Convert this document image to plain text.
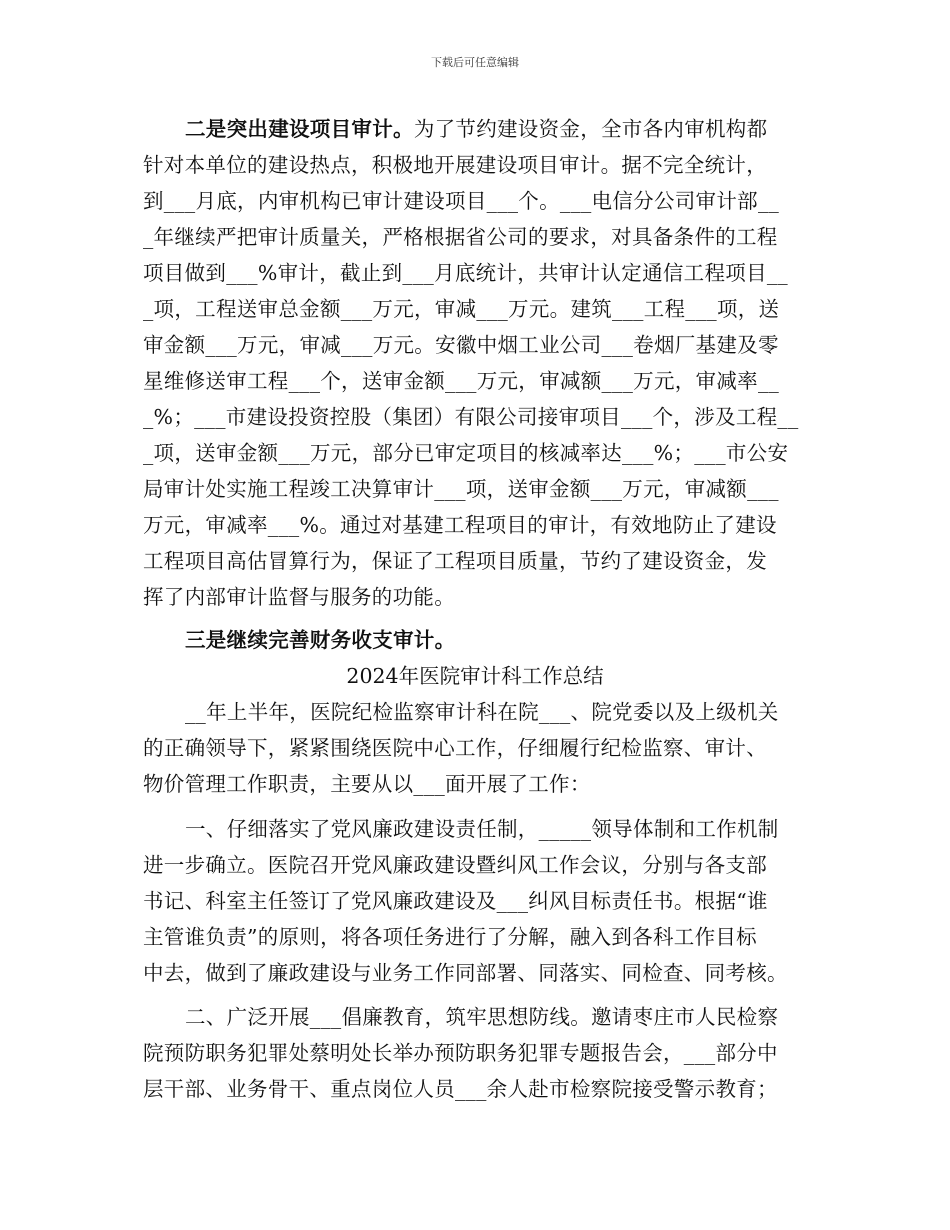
下载后可任意编辑
二是突出建设项目审计。为了节约建设资金，全市各内审机构都
针对本单位的建设热点，积极地开展建设项目审计。据不完全统计，
到___月底，内审机构已审计建设项目___个。___电信分公司审计部__
_年继续严把审计质量关，严格根据省公司的要求，对具备条件的工程
项目做到___%审计，截止到___月底统计，共审计认定通信工程项目__
_项，工程送审总金额___万元，审减___万元。建筑___工程___项，送
审金额___万元，审减___万元。安徽中烟工业公司___卷烟厂基建及零
星维修送审工程___个，送审金额___万元，审减额___万元，审减率__
_%；___市建设投资控股（集团）有限公司接审项目___个，涉及工程__
_项，送审金额___万元，部分已审定项目的核减率达___%；___市公安
局审计处实施工程竣工决算审计___项，送审金额___万元，审减额___
万元，审减率___%。通过对基建工程项目的审计，有效地防止了建设
工程项目高估冒算行为，保证了工程项目质量，节约了建设资金，发
挥了内部审计监督与服务的功能。
三是继续完善财务收支审计。
2024年医院审计科工作总结
__年上半年，医院纪检监察审计科在院___、院党委以及上级机关
的正确领导下，紧紧围绕医院中心工作，仔细履行纪检监察、审计、
物价管理工作职责，主要从以___面开展了工作：
一、仔细落实了党风廉政建设责任制，_____领导体制和工作机制
进一步确立。医院召开党风廉政建设暨纠风工作会议，分别与各支部
书记、科室主任签订了党风廉政建设及___纠风目标责任书。根据“谁
主管谁负责”的原则，将各项任务进行了分解，融入到各科工作目标
中去，做到了廉政建设与业务工作同部署、同落实、同检查、同考核。
二、广泛开展___倡廉教育，筑牢思想防线。邀请枣庄市人民检察
院预防职务犯罪处蔡明处长举办预防职务犯罪专题报告会，___部分中
层干部、业务骨干、重点岗位人员___余人赴市检察院接受警示教育；
